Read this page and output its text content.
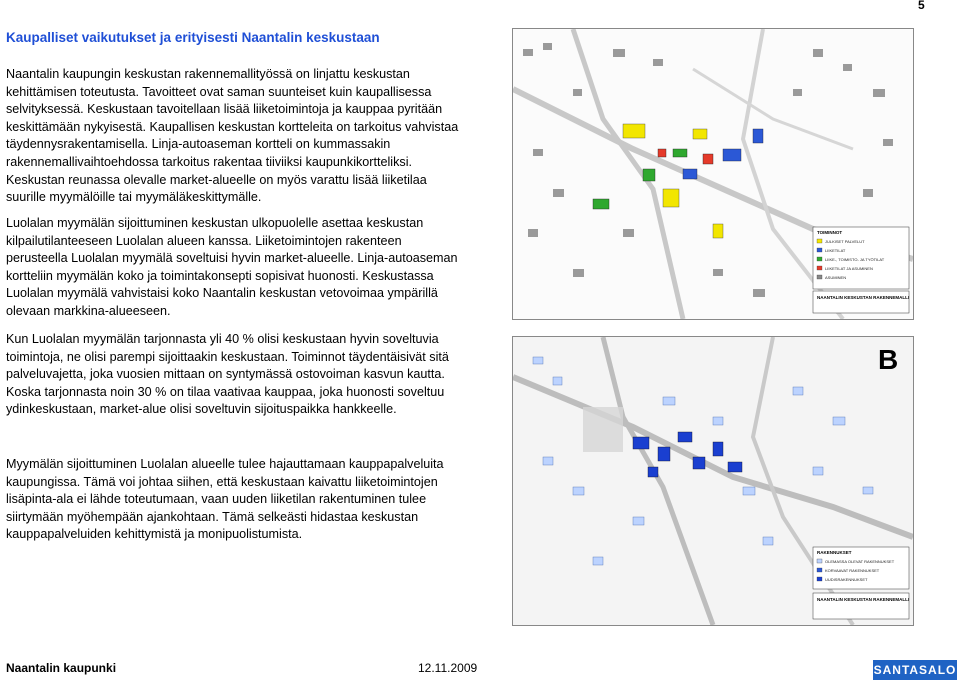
5
Kaupalliset vaikutukset ja erityisesti Naantalin keskustaan

Naantalin kaupungin keskustan rakennemallityössä on linjattu keskustan kehittämisen toteutusta. Tavoitteet ovat saman suunteiset kuin kaupallisessa selvityksessä. Keskustaan tavoitellaan lisää liiketoimintoja ja kauppaa pyritään keskittämään nykyisestä. Kaupallisen keskustan kortteleita on tarkoitus vahvistaa täydennysrakentamisella. Linja-autoaseman kortteli on kummassakin rakennemallivaihtoehdossa tarkoitus rakentaa tiiviiksi kaupunkikortteliksi. Keskustan reunassa olevalle market-alueelle on myös varattu lisää liiketilaa suurille myymälöille tai myymäläkeskittymälle.

Luolalan myymälän sijoittuminen keskustan ulkopuolelle asettaa keskustan kilpailutilanteeseen Luolalan alueen kanssa. Liiketoimintojen rakenteen perusteella Luolalan myymälä soveltuisi hyvin market-alueelle. Linja-autoaseman kortteliin myymälän koko ja toimintakonsepti sopisivat huonosti. Keskustassa Luolalan myymälä vahvistaisi koko Naantalin keskustan vetovoimaa ympärillä olevaan markkina-alueeseen.

Kun Luolalan myymälän tarjonnasta yli 40 % olisi keskustaan hyvin soveltuvia toimintoja, ne olisi parempi sijoittaakin keskustaan. Toiminnot täydentäisivät sitä palveluvajetta, joka vuosien mittaan on syntymässä ostovoiman kasvun kautta. Koska tarjonnasta noin 30 % on tilaa vaativaa kauppaa, joka huonosti soveltuu ydinkeskustaan, market-alue olisi soveltuvin sijoituspaikka hankkeelle.

Myymälän sijoittuminen Luolalan alueelle tulee hajauttamaan kauppapalveluita kaupungissa. Tämä voi johtaa siihen, että keskustaan kaivattu liiketoimintojen lisäpinta-ala ei lähde toteutumaan, vaan uuden liiketilan rakentuminen tulee siirtymään myöhempään ajankohtaan. Tämä selkeästi hidastaa keskustan kauppapalveluiden kehittymistä ja monipuolistumista.

TOIMINNOT
JULKISET PALVELUT
LIIKETILAT
LIIKE-, TOIMISTO- JA TYÖTILAT
LIIKETILAT JA ASUMINEN
ASUMINEN
NAANTALIN KESKUSTAN RAKENNEMALLI
B
RAKENNUKSET
OLEMASSA OLEVAT RAKENNUKSET
KORVAAVAT RAKENNUKSET
UUDISRAKENNUKSET
NAANTALIN KESKUSTAN RAKENNEMALLI
Naantalin kaupunki	12.11.2009	SANTASALO
